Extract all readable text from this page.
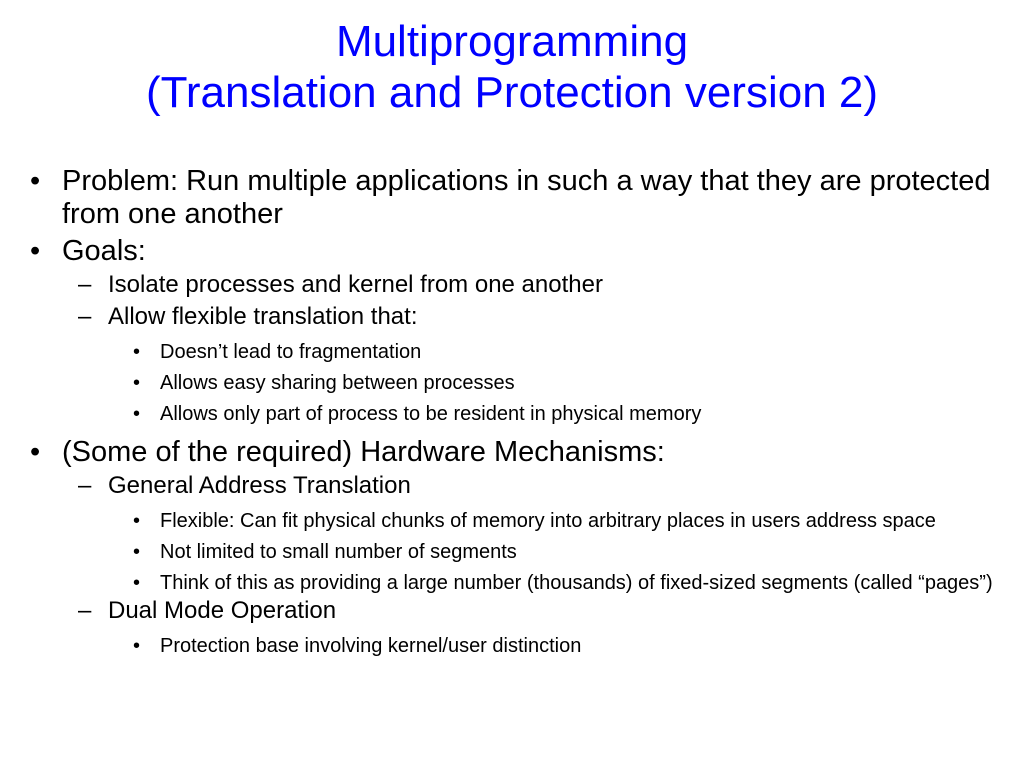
Multiprogramming
(Translation and Protection version 2)
• Problem: Run multiple applications in such a way that they are protected from one another
• Goals:
– Isolate processes and kernel from one another
– Allow flexible translation that:
• Doesn’t lead to fragmentation
• Allows easy sharing between processes
• Allows only part of process to be resident in physical memory
• (Some of the required) Hardware Mechanisms:
– General Address Translation
• Flexible: Can fit physical chunks of memory into arbitrary places in users address space
• Not limited to small number of segments
• Think of this as providing a large number (thousands) of fixed-sized segments (called “pages”)
– Dual Mode Operation
• Protection base involving kernel/user distinction
